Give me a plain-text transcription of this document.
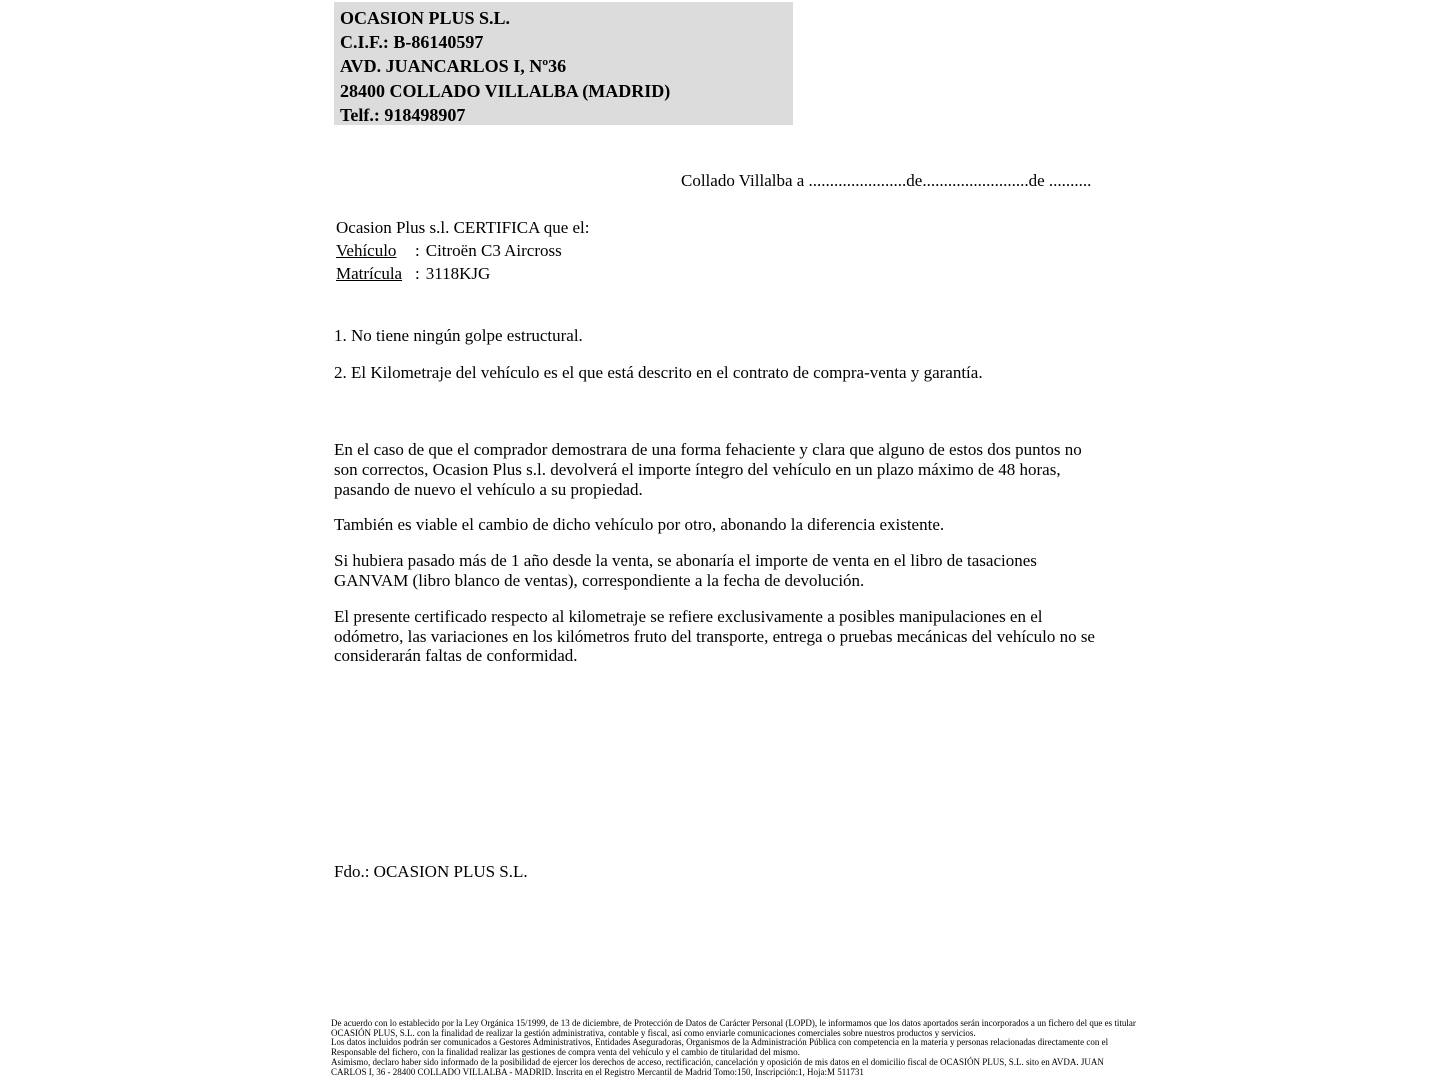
OCASION PLUS S.L.
C.I.F.: B-86140597
AVD. JUANCARLOS I, Nº36
28400 COLLADO VILLALBA (MADRID)
Telf.: 918498907
Collado Villalba a .......................de.........................de ..........
Ocasion Plus s.l. CERTIFICA que el:
Vehículo	: Citroën C3 Aircross
Matrícula : 3118KJG
1. No tiene ningún golpe estructural.
2. El Kilometraje del vehículo es el que está descrito en el contrato de compra-venta y garantía.
En el caso de que el comprador demostrara de una forma fehaciente y clara que alguno de estos dos puntos no son correctos, Ocasion Plus s.l. devolverá el importe íntegro del vehículo en un plazo máximo de 48 horas, pasando de nuevo el vehículo a su propiedad.
También es viable el cambio de dicho vehículo por otro, abonando la diferencia existente.
Si hubiera pasado más de 1 año desde la venta, se abonaría el importe de venta en el libro de tasaciones GANVAM (libro blanco de ventas), correspondiente a la fecha de devolución.
El presente certificado respecto al kilometraje se refiere exclusivamente a posibles manipulaciones en el odómetro, las variaciones en los kilómetros fruto del transporte, entrega o pruebas mecánicas del vehículo no se considerarán faltas de conformidad.
Fdo.: OCASION PLUS S.L.
De acuerdo con lo establecido por la Ley Orgánica 15/1999, de 13 de diciembre, de Protección de Datos de Carácter Personal (LOPD), le informamos que los datos aportados serán incorporados a un fichero del que es titular
OCASIÓN PLUS, S.L. con la finalidad de realizar la gestión administrativa, contable y fiscal, así como enviarle comunicaciones comerciales sobre nuestros productos y servicios.
Los datos incluidos podrán ser comunicados a Gestores Administrativos, Entidades Aseguradoras, Organismos de la Administración Pública con competencia en la materia y personas relacionadas directamente con el
Responsable del fichero, con la finalidad realizar las gestiones de compra venta del vehículo y el cambio de titularidad del mismo.
Asimismo, declaro haber sido informado de la posibilidad de ejercer los derechos de acceso, rectificación, cancelación y oposición de mis datos en el domicilio fiscal de OCASIÓN PLUS, S.L. sito en AVDA. JUAN
CARLOS I, 36 - 28400 COLLADO VILLALBA - MADRID. Inscrita en el Registro Mercantil de Madrid Tomo:150, Inscripción:1, Hoja:M 511731
